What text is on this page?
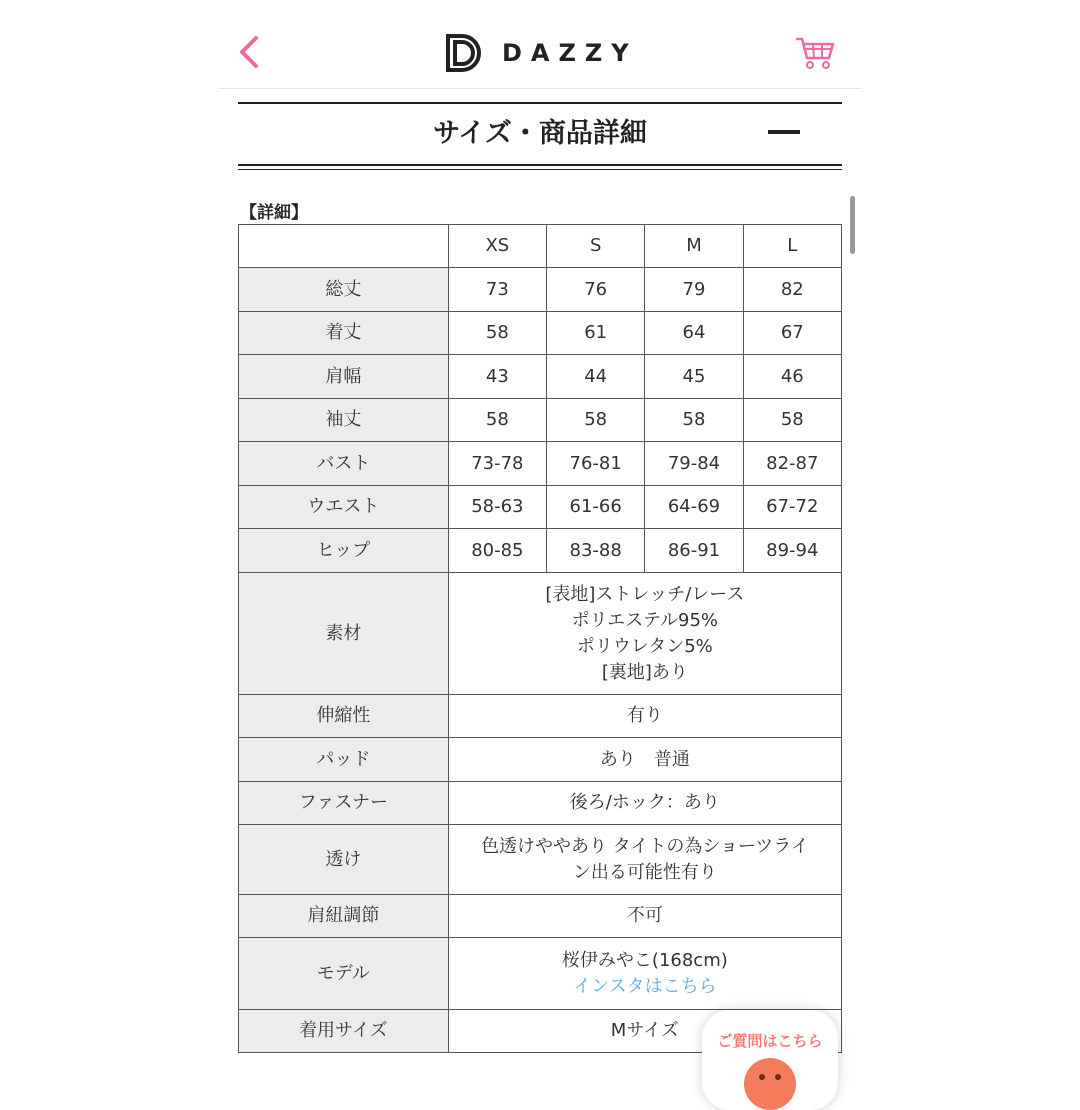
DAZZY
サイズ・商品詳細
【詳細】
	XS	S	M	L
総丈	73	76	79	82
着丈	58	61	64	67
肩幅	43	44	45	46
袖丈	58	58	58	58
バスト	73-78	76-81	79-84	82-87
ウエスト	58-63	61-66	64-69	67-72
ヒップ	80-85	83-88	86-91	89-94
素材	[表地]ストレッチ/レース
ポリエステル95%
ポリウレタン5%
[裏地]あり			

伸縮性	有り			
パッド	あり　普通			
ファスナー	後ろ/ホック：あり			
透け	色透けややあり タイトの為ショーツライ
ン出る可能性有り			

肩紐調節	不可			
モデル	桜伊みやこ(168cm)
インスタはこちら			

着用サイズ	Mサイズ				ご質問はこちら
